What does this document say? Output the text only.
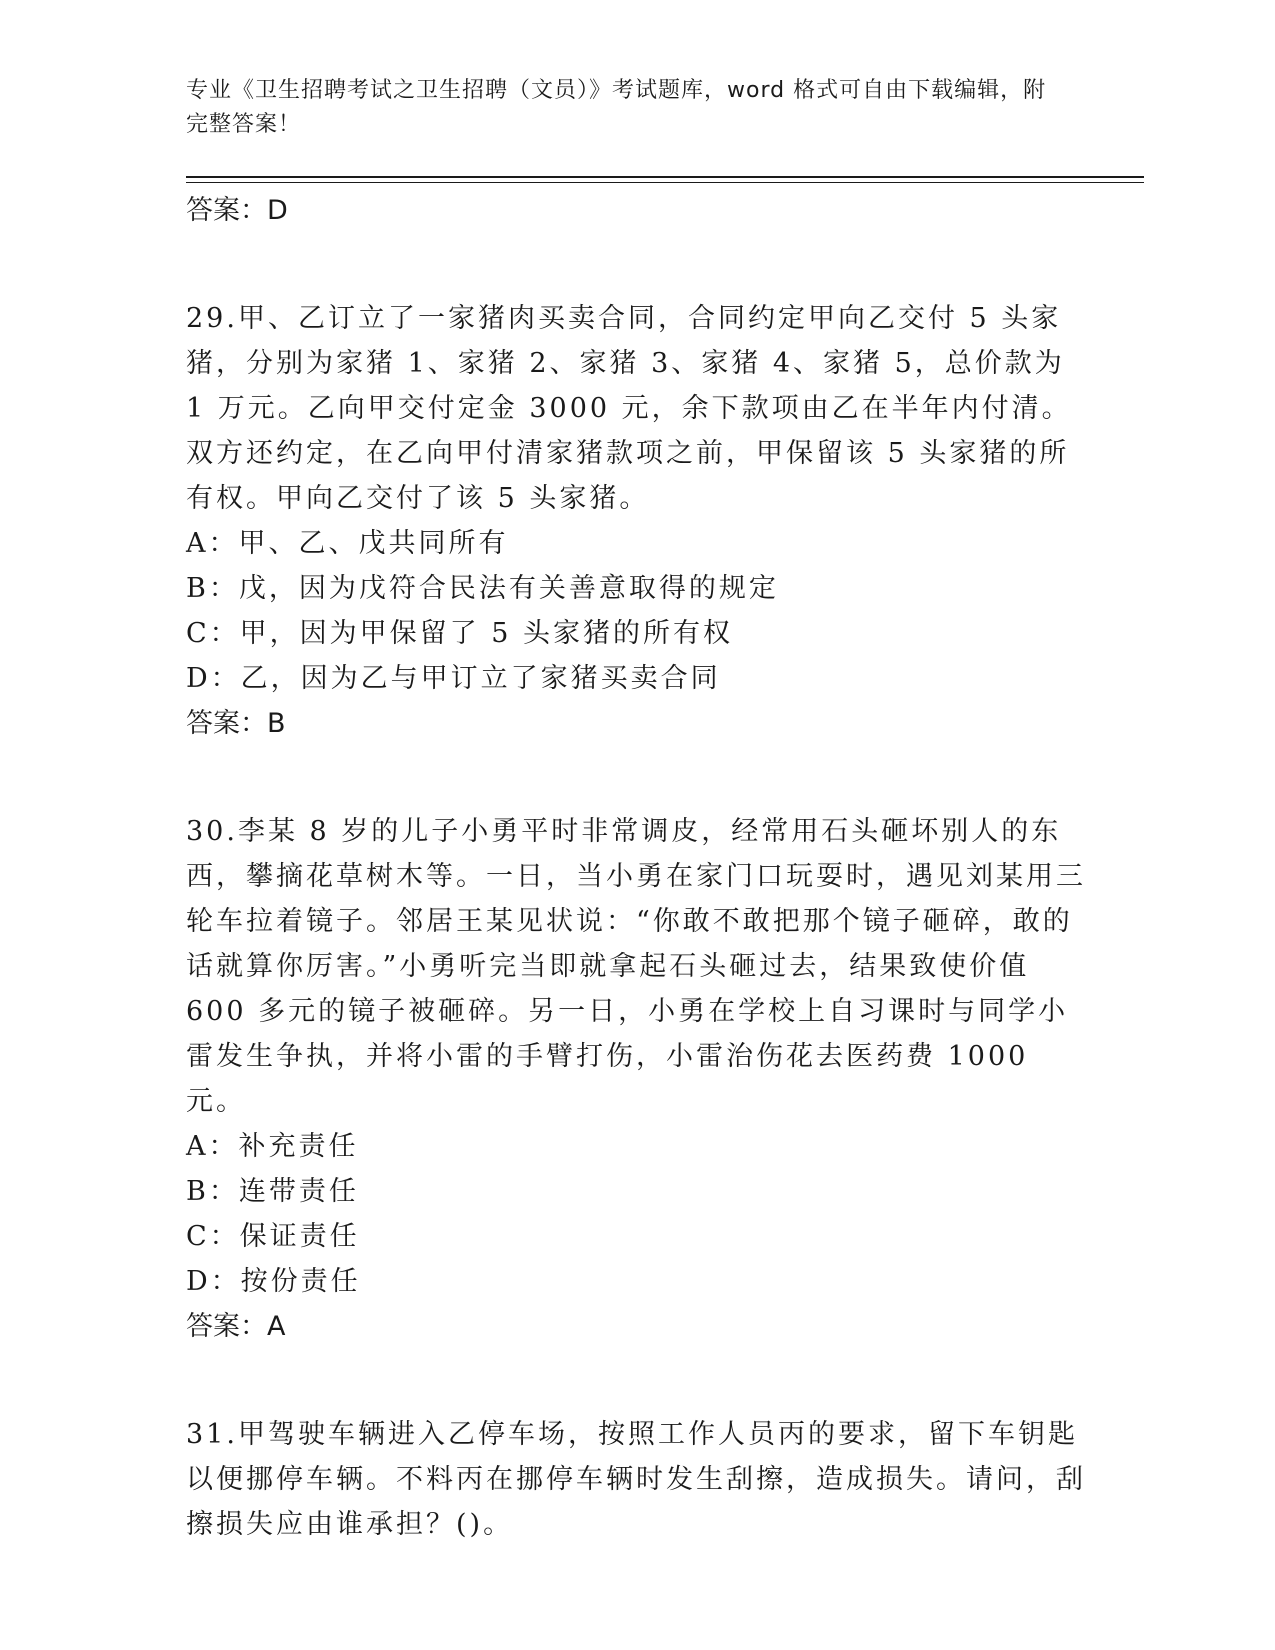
专业《卫生招聘考试之卫生招聘（文员）》考试题库，word 格式可自由下载编辑，附完整答案！

答案：D

29.甲、乙订立了一家猪肉买卖合同，合同约定甲向乙交付 5 头家猪，分别为家猪 1、家猪 2、家猪 3、家猪 4、家猪 5，总价款为 1 万元。乙向甲交付定金 3000 元，余下款项由乙在半年内付清。双方还约定，在乙向甲付清家猪款项之前，甲保留该 5 头家猪的所有权。甲向乙交付了该 5 头家猪。

A：甲、乙、戊共同所有

B：戊，因为戊符合民法有关善意取得的规定

C：甲，因为甲保留了 5 头家猪的所有权

D：乙，因为乙与甲订立了家猪买卖合同

答案：B

30.李某 8 岁的儿子小勇平时非常调皮，经常用石头砸坏别人的东西，攀摘花草树木等。一日，当小勇在家门口玩耍时，遇见刘某用三轮车拉着镜子。邻居王某见状说：“你敢不敢把那个镜子砸碎，敢的话就算你厉害。”小勇听完当即就拿起石头砸过去，结果致使价值 600 多元的镜子被砸碎。另一日，小勇在学校上自习课时与同学小雷发生争执，并将小雷的手臂打伤，小雷治伤花去医药费 1000 元。

A：补充责任

B：连带责任

C：保证责任

D：按份责任

答案：A

31.甲驾驶车辆进入乙停车场，按照工作人员丙的要求，留下车钥匙以便挪停车辆。不料丙在挪停车辆时发生刮擦，造成损失。请问，刮擦损失应由谁承担？()。
